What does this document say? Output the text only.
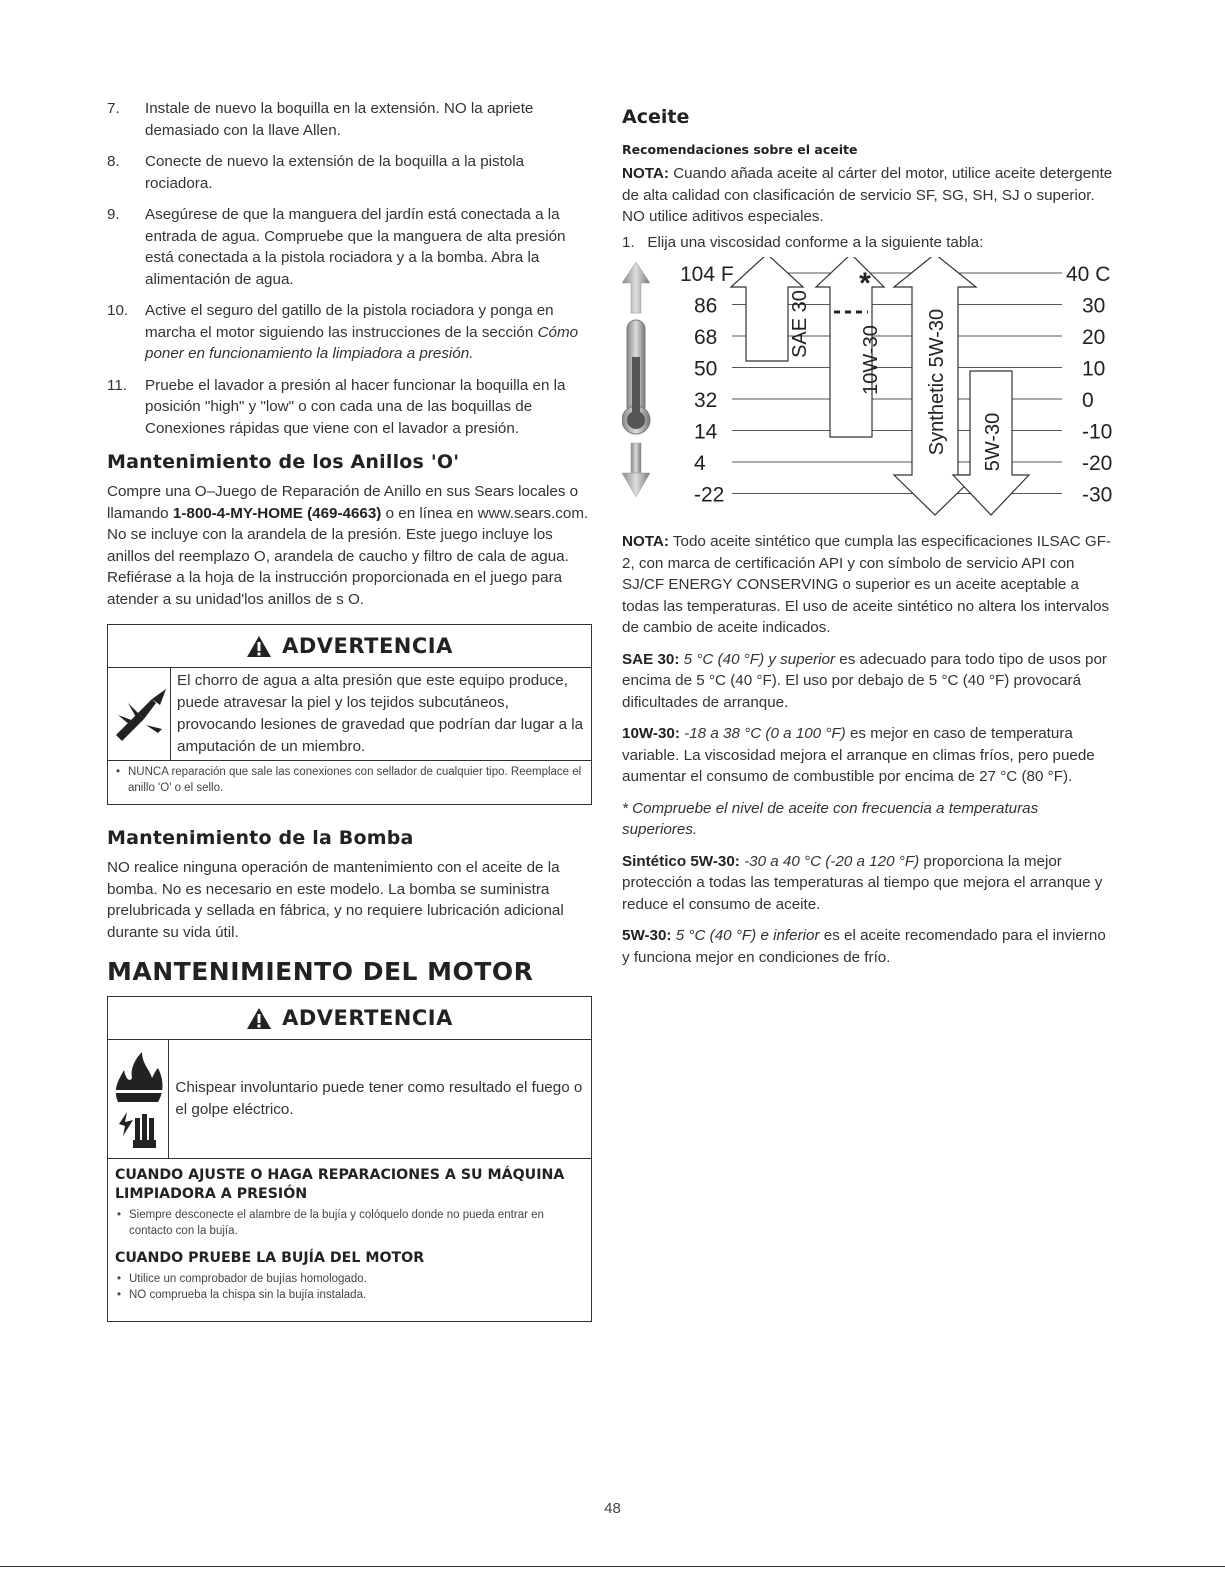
7. Instale de nuevo la boquilla en la extensión. NO la apriete demasiado con la llave Allen.
8. Conecte de nuevo la extensión de la boquilla a la pistola rociadora.
9. Asegúrese de que la manguera del jardín está conectada a la entrada de agua. Compruebe que la manguera de alta presión está conectada a la pistola rociadora y a la bomba. Abra la alimentación de agua.
10. Active el seguro del gatillo de la pistola rociadora y ponga en marcha el motor siguiendo las instrucciones de la sección Cómo poner en funcionamiento la limpiadora a presión.
11. Pruebe el lavador a presión al hacer funcionar la boquilla en la posición "high" y "low" o con cada una de las boquillas de Conexiones rápidas que viene con el lavador a presión.
Mantenimiento de los Anillos 'O'

Compre una O–Juego de Reparación de Anillo en sus Sears locales o llamando 1-800-4-MY-HOME (469-4663) o en línea en www.sears.com. No se incluye con la arandela de la presión. Este juego incluye los anillos del reemplazo O, arandela de caucho y filtro de cala de agua. Refiérase a la hoja de la instrucción proporcionada en el juego para atender a su unidad'los anillos de s O.

ADVERTENCIA
El chorro de agua a alta presión que este equipo produce, puede atravesar la piel y los tejidos subcutáneos, provocando lesiones de gravedad que podrían dar lugar a la amputación de un miembro.

• NUNCA reparación que sale las conexiones con sellador de cualquier tipo. Reemplace el anillo 'O' o el sello.

Mantenimiento de la Bomba

NO realice ninguna operación de mantenimiento con el aceite de la bomba. No es necesario en este modelo. La bomba se suministra prelubricada y sellada en fábrica, y no requiere lubricación adicional durante su vida útil.

MANTENIMIENTO DEL MOTOR
ADVERTENCIA
Chispear involuntario puede tener como resultado el fuego o el golpe eléctrico.
CUANDO AJUSTE O HAGA REPARACIONES A SU MÁQUINA LIMPIADORA A PRESIÓN

• Siempre desconecte el alambre de la bujía y colóquelo donde no pueda entrar en contacto con la bujía.

CUANDO PRUEBE LA BUJÍA DEL MOTOR

• Utilice un comprobador de bujías homologado.

• NO comprueba la chispa sin la bujía instalada.

Aceite
Recomendaciones sobre el aceite

NOTA: Cuando añada aceite al cárter del motor, utilice aceite detergente de alta calidad con clasificación de servicio SF, SG, SH, SJ o superior. NO utilice aditivos especiales.

1. Elija una viscosidad conforme a la siguiente tabla:

104 F
86
68
50
32
14
4
-22
40 C
30
20
10
0
-10
-20
-30
SAE 30
10W-30
*
Synthetic 5W-30 5W-30

NOTA: Todo aceite sintético que cumpla las especificaciones ILSAC GF-2, con marca de certificación API y con símbolo de servicio API con SJ/CF ENERGY CONSERVING o superior es un aceite aceptable a todas las temperaturas. El uso de aceite sintético no altera los intervalos de cambio de aceite indicados.

SAE 30: 5 °C (40 °F) y superior es adecuado para todo tipo de usos por encima de 5 °C (40 °F). El uso por debajo de 5 °C (40 °F) provocará dificultades de arranque.

10W-30: -18 a 38 °C (0 a 100 °F) es mejor en caso de temperatura variable. La viscosidad mejora el arranque en climas fríos, pero puede aumentar el consumo de combustible por encima de 27 °C (80 °F).

* Compruebe el nivel de aceite con frecuencia a temperaturas superiores.

Sintético 5W-30: -30 a 40 °C (-20 a 120 °F) proporciona la mejor protección a todas las temperaturas al tiempo que mejora el arranque y reduce el consumo de aceite.

5W-30: 5 °C (40 °F) e inferior es el aceite recomendado para el invierno y funciona mejor en condiciones de frío.

48
